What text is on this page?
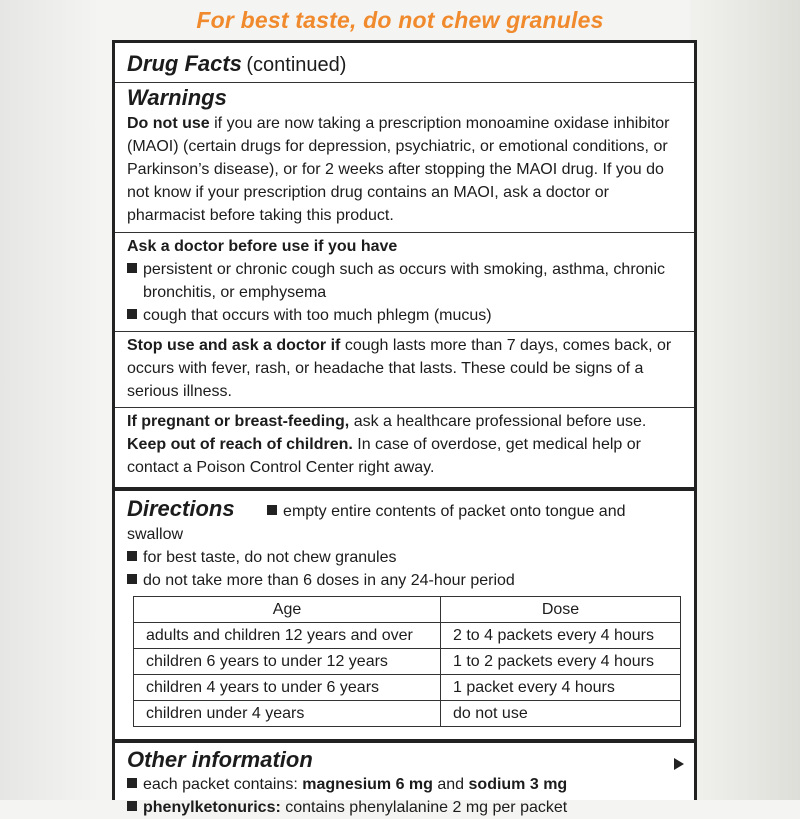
For best taste, do not chew granules
Drug Facts (continued)
Warnings
Do not use if you are now taking a prescription monoamine oxidase inhibitor (MAOI) (certain drugs for depression, psychiatric, or emotional conditions, or Parkinson’s disease), or for 2 weeks after stopping the MAOI drug. If you do not know if your prescription drug contains an MAOI, ask a doctor or pharmacist before taking this product.
Ask a doctor before use if you have
persistent or chronic cough such as occurs with smoking, asthma, chronic bronchitis, or emphysema
cough that occurs with too much phlegm (mucus)
Stop use and ask a doctor if cough lasts more than 7 days, comes back, or occurs with fever, rash, or headache that lasts. These could be signs of a serious illness.
If pregnant or breast-feeding, ask a healthcare professional before use.
Keep out of reach of children. In case of overdose, get medical help or contact a Poison Control Center right away.
Directions	empty entire contents of packet onto tongue and swallow
for best taste, do not chew granules
do not take more than 6 doses in any 24-hour period
Age	Dose
adults and children 12 years and over	2 to 4 packets every 4 hours
children 6 years to under 12 years	1 to 2 packets every 4 hours
children 4 years to under 6 years	1 packet every 4 hours
children under 4 years	do not use
Other information
each packet contains: magnesium 6 mg and sodium 3 mg
phenylketonurics: contains phenylalanine 2 mg per packet
